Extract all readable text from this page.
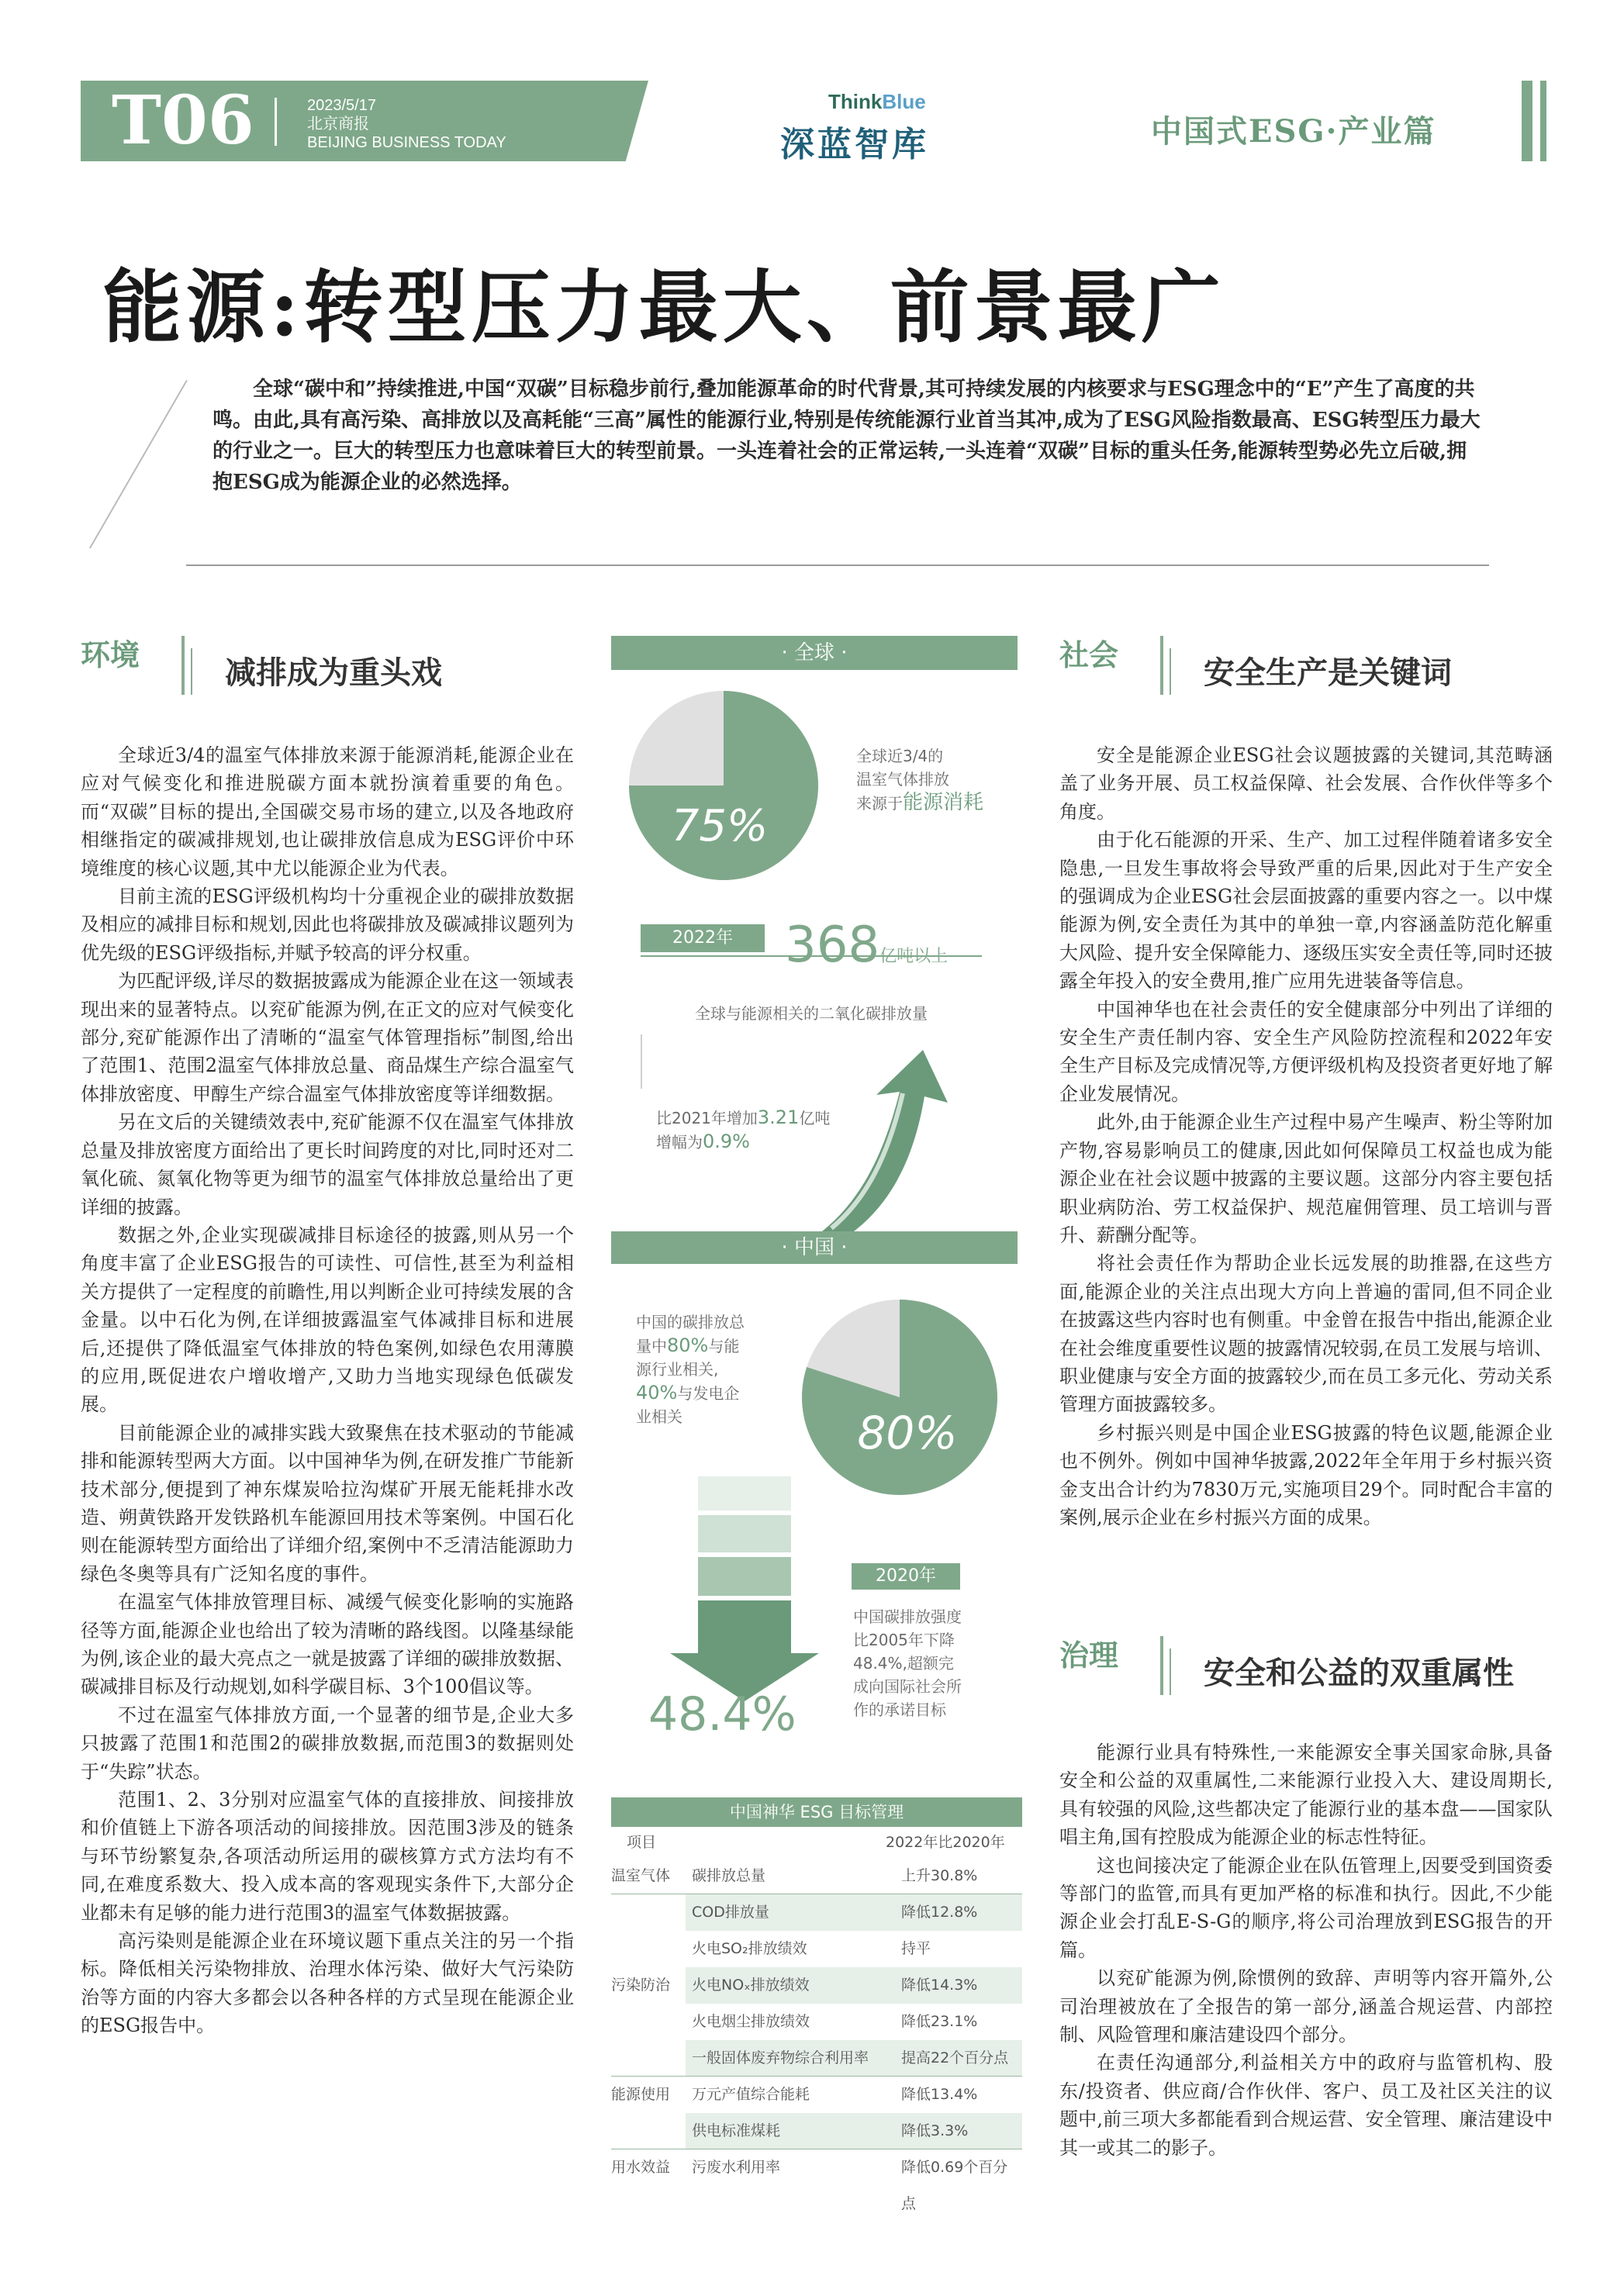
T06	2023/5/17
北京商报
BEIJING BUSINESS TODAY
ThinkBlue
深蓝智库	中国式ESG·产业篇
能源:转型压力最大、前景最广

全球“碳中和”持续推进,中国“双碳”目标稳步前行,叠加能源革命的时代背景,其可持续发展的内核要求与ESG理念中的“E”产生了高度的共鸣。由此,具有高污染、高排放以及高耗能“三高”属性的能源行业,特别是传统能源行业首当其冲,成为了ESG风险指数最高、ESG转型压力最大的行业之一。巨大的转型压力也意味着巨大的转型前景。一头连着社会的正常运转,一头连着“双碳”目标的重头任务,能源转型势必先立后破,拥抱ESG成为能源企业的必然选择。

环境	减排成为重头戏

全球近3/4的温室气体排放来源于能源消耗,能源企业在应对气候变化和推进脱碳方面本就扮演着重要的角色。而“双碳”目标的提出,全国碳交易市场的建立,以及各地政府相继指定的碳减排规划,也让碳排放信息成为ESG评价中环境维度的核心议题,其中尤以能源企业为代表。

目前主流的ESG评级机构均十分重视企业的碳排放数据及相应的减排目标和规划,因此也将碳排放及碳减排议题列为优先级的ESG评级指标,并赋予较高的评分权重。

为匹配评级,详尽的数据披露成为能源企业在这一领域表现出来的显著特点。以兖矿能源为例,在正文的应对气候变化部分,兖矿能源作出了清晰的“温室气体管理指标”制图,给出了范围1、范围2温室气体排放总量、商品煤生产综合温室气体排放密度、甲醇生产综合温室气体排放密度等详细数据。

另在文后的关键绩效表中,兖矿能源不仅在温室气体排放总量及排放密度方面给出了更长时间跨度的对比,同时还对二氧化硫、氮氧化物等更为细节的温室气体排放总量给出了更详细的披露。

数据之外,企业实现碳减排目标途径的披露,则从另一个角度丰富了企业ESG报告的可读性、可信性,甚至为利益相关方提供了一定程度的前瞻性,用以判断企业可持续发展的含金量。以中石化为例,在详细披露温室气体减排目标和进展后,还提供了降低温室气体排放的特色案例,如绿色农用薄膜的应用,既促进农户增收增产,又助力当地实现绿色低碳发展。

目前能源企业的减排实践大致聚焦在技术驱动的节能减排和能源转型两大方面。以中国神华为例,在研发推广节能新技术部分,便提到了神东煤炭哈拉沟煤矿开展无能耗排水改造、朔黄铁路开发铁路机车能源回用技术等案例。中国石化则在能源转型方面给出了详细介绍,案例中不乏清洁能源助力绿色冬奥等具有广泛知名度的事件。

在温室气体排放管理目标、减缓气候变化影响的实施路径等方面,能源企业也给出了较为清晰的路线图。以隆基绿能为例,该企业的最大亮点之一就是披露了详细的碳排放数据、碳减排目标及行动规划,如科学碳目标、3个100倡议等。

不过在温室气体排放方面,一个显著的细节是,企业大多只披露了范围1和范围2的碳排放数据,而范围3的数据则处于“失踪”状态。

范围1、2、3分别对应温室气体的直接排放、间接排放和价值链上下游各项活动的间接排放。因范围3涉及的链条与环节纷繁复杂,各项活动所运用的碳核算方式方法均有不同,在难度系数大、投入成本高的客观现实条件下,大部分企业都未有足够的能力进行范围3的温室气体数据披露。

高污染则是能源企业在环境议题下重点关注的另一个指标。降低相关污染物排放、治理水体污染、做好大气污染防治等方面的内容大多都会以各种各样的方式呈现在能源企业的ESG报告中。

社会	安全生产是关键词

安全是能源企业ESG社会议题披露的关键词,其范畴涵盖了业务开展、员工权益保障、社会发展、合作伙伴等多个角度。

由于化石能源的开采、生产、加工过程伴随着诸多安全隐患,一旦发生事故将会导致严重的后果,因此对于生产安全的强调成为企业ESG社会层面披露的重要内容之一。以中煤能源为例,安全责任为其中的单独一章,内容涵盖防范化解重大风险、提升安全保障能力、逐级压实安全责任等,同时还披露全年投入的安全费用,推广应用先进装备等信息。

中国神华也在社会责任的安全健康部分中列出了详细的安全生产责任制内容、安全生产风险防控流程和2022年安全生产目标及完成情况等,方便评级机构及投资者更好地了解企业发展情况。

此外,由于能源企业生产过程中易产生噪声、粉尘等附加产物,容易影响员工的健康,因此如何保障员工权益也成为能源企业在社会议题中披露的主要议题。这部分内容主要包括职业病防治、劳工权益保护、规范雇佣管理、员工培训与晋升、薪酬分配等。

将社会责任作为帮助企业长远发展的助推器,在这些方面,能源企业的关注点出现大方向上普遍的雷同,但不同企业在披露这些内容时也有侧重。中金曾在报告中指出,能源企业在社会维度重要性议题的披露情况较弱,在员工发展与培训、职业健康与安全方面的披露较少,而在员工多元化、劳动关系管理方面披露较多。

乡村振兴则是中国企业ESG披露的特色议题,能源企业也不例外。例如中国神华披露,2022年全年用于乡村振兴资金支出合计约为7830万元,实施项目29个。同时配合丰富的案例,展示企业在乡村振兴方面的成果。

治理	安全和公益的双重属性

能源行业具有特殊性,一来能源安全事关国家命脉,具备安全和公益的双重属性,二来能源行业投入大、建设周期长,具有较强的风险,这些都决定了能源行业的基本盘——国家队唱主角,国有控股成为能源企业的标志性特征。

这也间接决定了能源企业在队伍管理上,因要受到国资委等部门的监管,而具有更加严格的标准和执行。因此,不少能源企业会打乱E-S-G的顺序,将公司治理放到ESG报告的开篇。

以兖矿能源为例,除惯例的致辞、声明等内容开篇外,公司治理被放在了全报告的第一部分,涵盖合规运营、内部控制、风险管理和廉洁建设四个部分。

在责任沟通部分,利益相关方中的政府与监管机构、股东/投资者、供应商/合作伙伴、客户、员工及社区关注的议题中,前三项大多都能看到合规运营、安全管理、廉洁建设中其一或其二的影子。

· 全球 ·
75%
全球近3/4的
温室气体排放
来源于能源消耗
2022年	368亿吨以上
全球与能源相关的二氧化碳排放量
比2021年增加3.21亿吨
增幅为0.9%
· 中国 ·
中国的碳排放总
量中80%与能
源行业相关,
40%与发电企
业相关	80%
48.4%
2020年
中国碳排放强度
比2005年下降
48.4%,超额完
成向国际社会所
作的承诺目标
中国神华 ESG 目标管理
项目	2022年比2020年
温室气体	碳排放总量	上升30.8%
COD排放量	降低12.8%
火电SO₂排放绩效	持平
污染防治	火电NOₓ排放绩效	降低14.3%
火电烟尘排放绩效	降低23.1%
一般固体废弃物综合利用率	提高22个百分点
能源使用	万元产值综合能耗	降低13.4%
供电标准煤耗	降低3.3%
用水效益	污废水利用率	降低0.69个百分点
